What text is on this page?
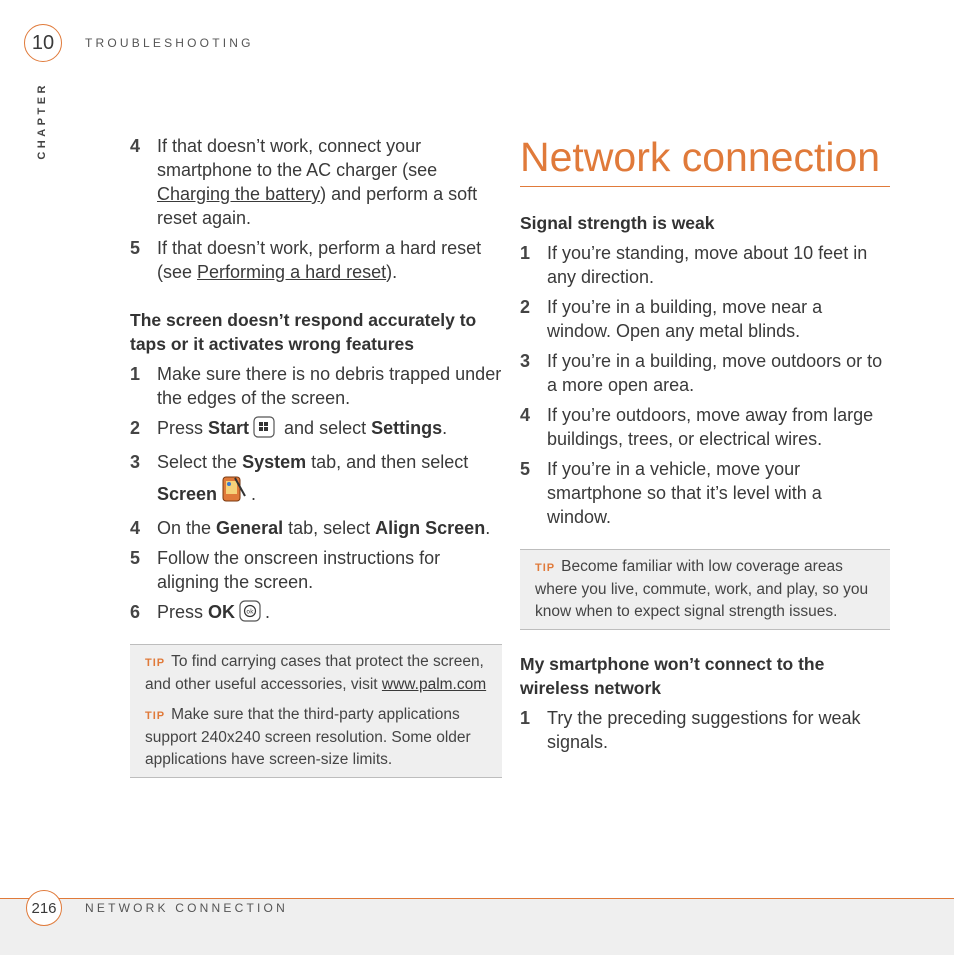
10	TROUBLESHOOTING
CHAPTER	4 If that doesn’t work, connect your smartphone to the AC charger (see Charging the battery) and perform a soft reset again.
5 If that doesn’t work, perform a hard reset (see Performing a hard reset).
The screen doesn’t respond accurately to taps or it activates wrong features
1 Make sure there is no debris trapped under the edges of the screen.
2 Press Start and select Settings.
3 Select the System tab, and then select Screen .
4 On the General tab, select Align Screen.
5 Follow the onscreen instructions for aligning the screen.
6 Press OK ok .

TIP To find carrying cases that protect the screen, and other useful accessories, visit www.palm.com

TIP Make sure that the third-party applications support 240x240 screen resolution. Some older applications have screen-size limits.

Network connection
Signal strength is weak
1 If you’re standing, move about 10 feet in any direction.
2 If you’re in a building, move near a window. Open any metal blinds.
3 If you’re in a building, move outdoors or to a more open area.
4 If you’re outdoors, move away from large buildings, trees, or electrical wires.
5 If you’re in a vehicle, move your smartphone so that it’s level with a window.

TIP Become familiar with low coverage areas where you live, commute, work, and play, so you know when to expect signal strength issues.

My smartphone won’t connect to the wireless network
1 Try the preceding suggestions for weak signals.
216 NETWORK CONNECTION
